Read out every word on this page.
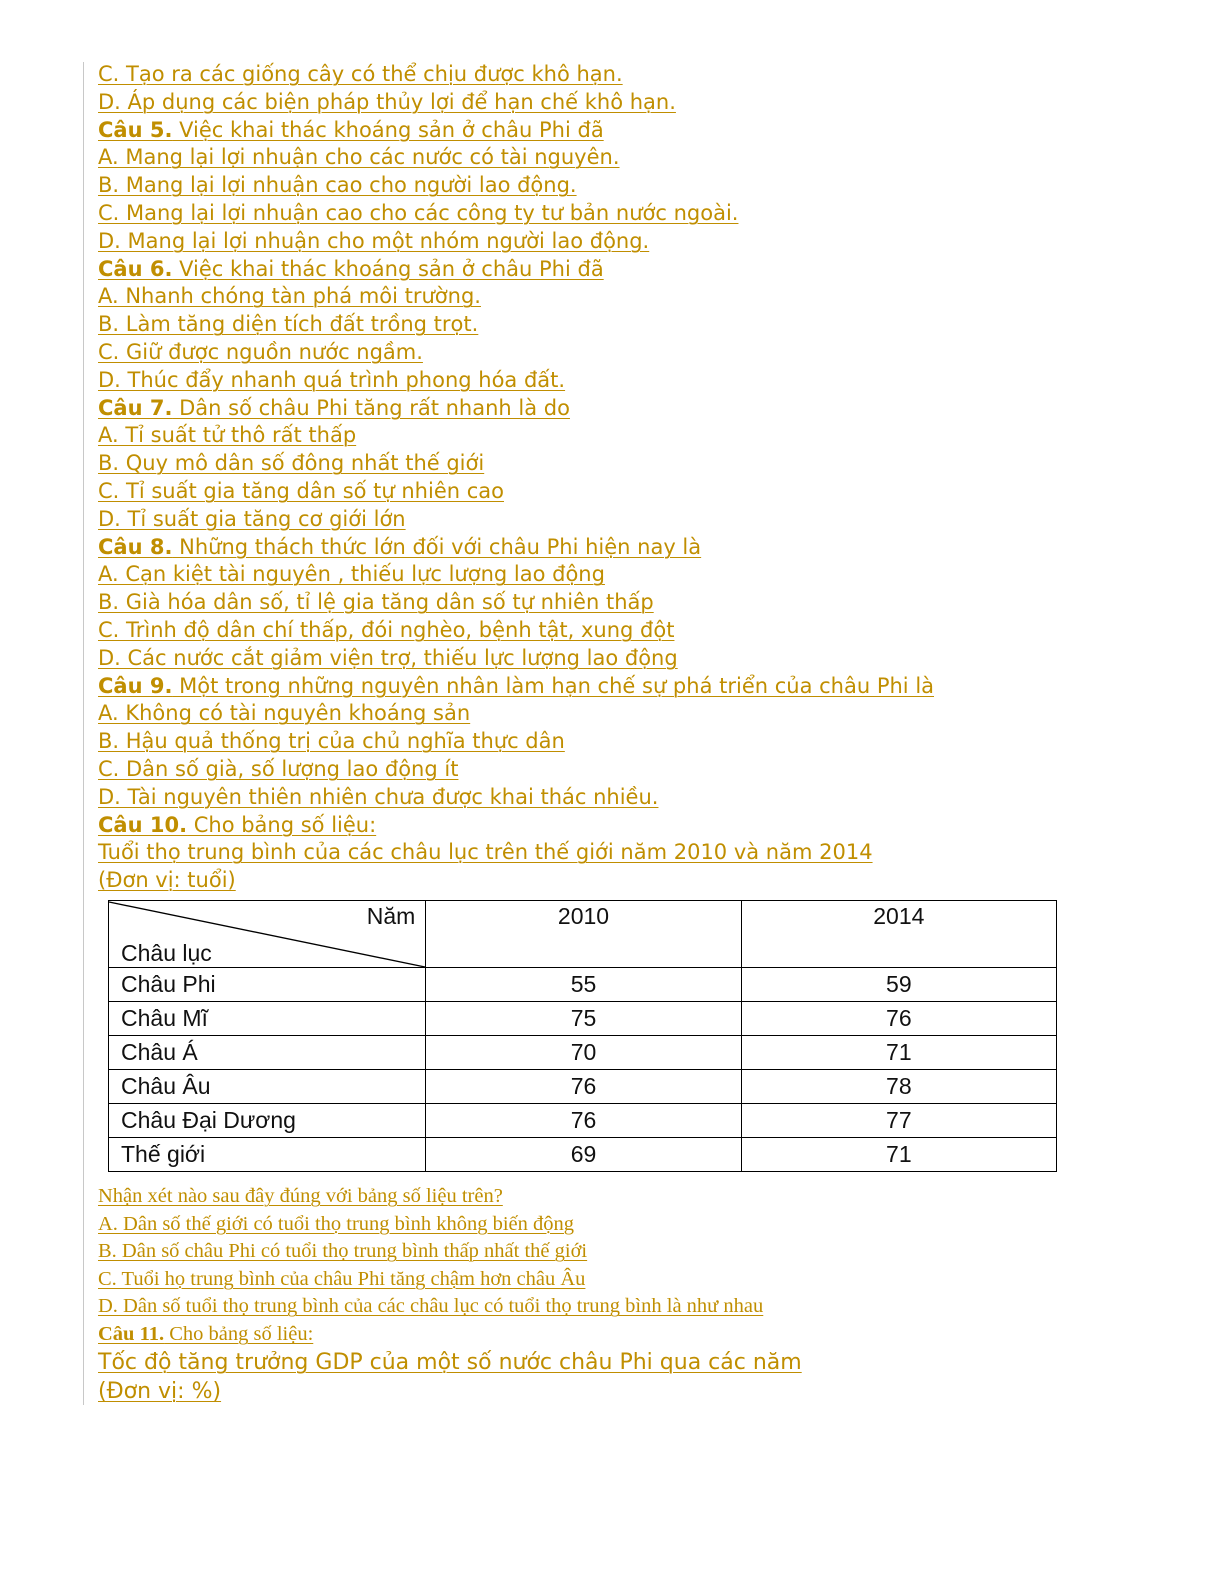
C. Tạo ra các giống cây có thể chịu được khô hạn.
D. Áp dụng các biện pháp thủy lợi để hạn chế khô hạn.
Câu 5. Việc khai thác khoáng sản ở châu Phi đã
A. Mang lại lợi nhuận cho các nước có tài nguyên.
B. Mang lại lợi nhuận cao cho người lao động.
C. Mang lại lợi nhuận cao cho các công ty tư bản nước ngoài.
D. Mang lại lợi nhuận cho một nhóm người lao động.
Câu 6. Việc khai thác khoáng sản ở châu Phi đã
A. Nhanh chóng tàn phá môi trường.
B. Làm tăng diện tích đất trồng trọt.
C. Giữ được nguồn nước ngầm.
D. Thúc đẩy nhanh quá trình phong hóa đất.
Câu 7. Dân số châu Phi tăng rất nhanh là do
A. Tỉ suất tử thô rất thấp
B. Quy mô dân số đông nhất thế giới
C. Tỉ suất gia tăng dân số tự nhiên cao
D. Tỉ suất gia tăng cơ giới lớn
Câu 8. Những thách thức lớn đối với châu Phi hiện nay là
A. Cạn kiệt tài nguyên , thiếu lực lượng lao động
B. Già hóa dân số, tỉ lệ gia tăng dân số tự nhiên thấp
C. Trình độ dân chí thấp, đói nghèo, bệnh tật, xung đột
D. Các nước cắt giảm viện trợ, thiếu lực lượng lao động
Câu 9. Một trong những nguyên nhân làm hạn chế sự phá triển của châu Phi là
A. Không có tài nguyên khoáng sản
B. Hậu quả thống trị của chủ nghĩa thực dân
C. Dân số già, số lượng lao động ít
D. Tài nguyên thiên nhiên chưa được khai thác nhiều.
Câu 10. Cho bảng số liệu:
Tuổi thọ trung bình của các châu lục trên thế giới năm 2010 và năm 2014
(Đơn vị: tuổi)
Năm
Châu lục	2010	2014

Châu Phi	55	59
Châu Mĩ	75	76
Châu Á	70	71
Châu Âu	76	78
Châu Đại Dương	76	77
Thế giới	69	71
Nhận xét nào sau đây đúng với bảng số liệu trên?
A. Dân số thế giới có tuổi thọ trung bình không biến động
B. Dân số châu Phi có tuổi thọ trung bình thấp nhất thế giới
C. Tuổi họ trung bình của châu Phi tăng chậm hơn châu Âu
D. Dân số tuổi thọ trung bình của các châu lục có tuổi thọ trung bình là như nhau
Câu 11. Cho bảng số liệu:
Tốc độ tăng trưởng GDP của một số nước châu Phi qua các năm
(Đơn vị: %)
